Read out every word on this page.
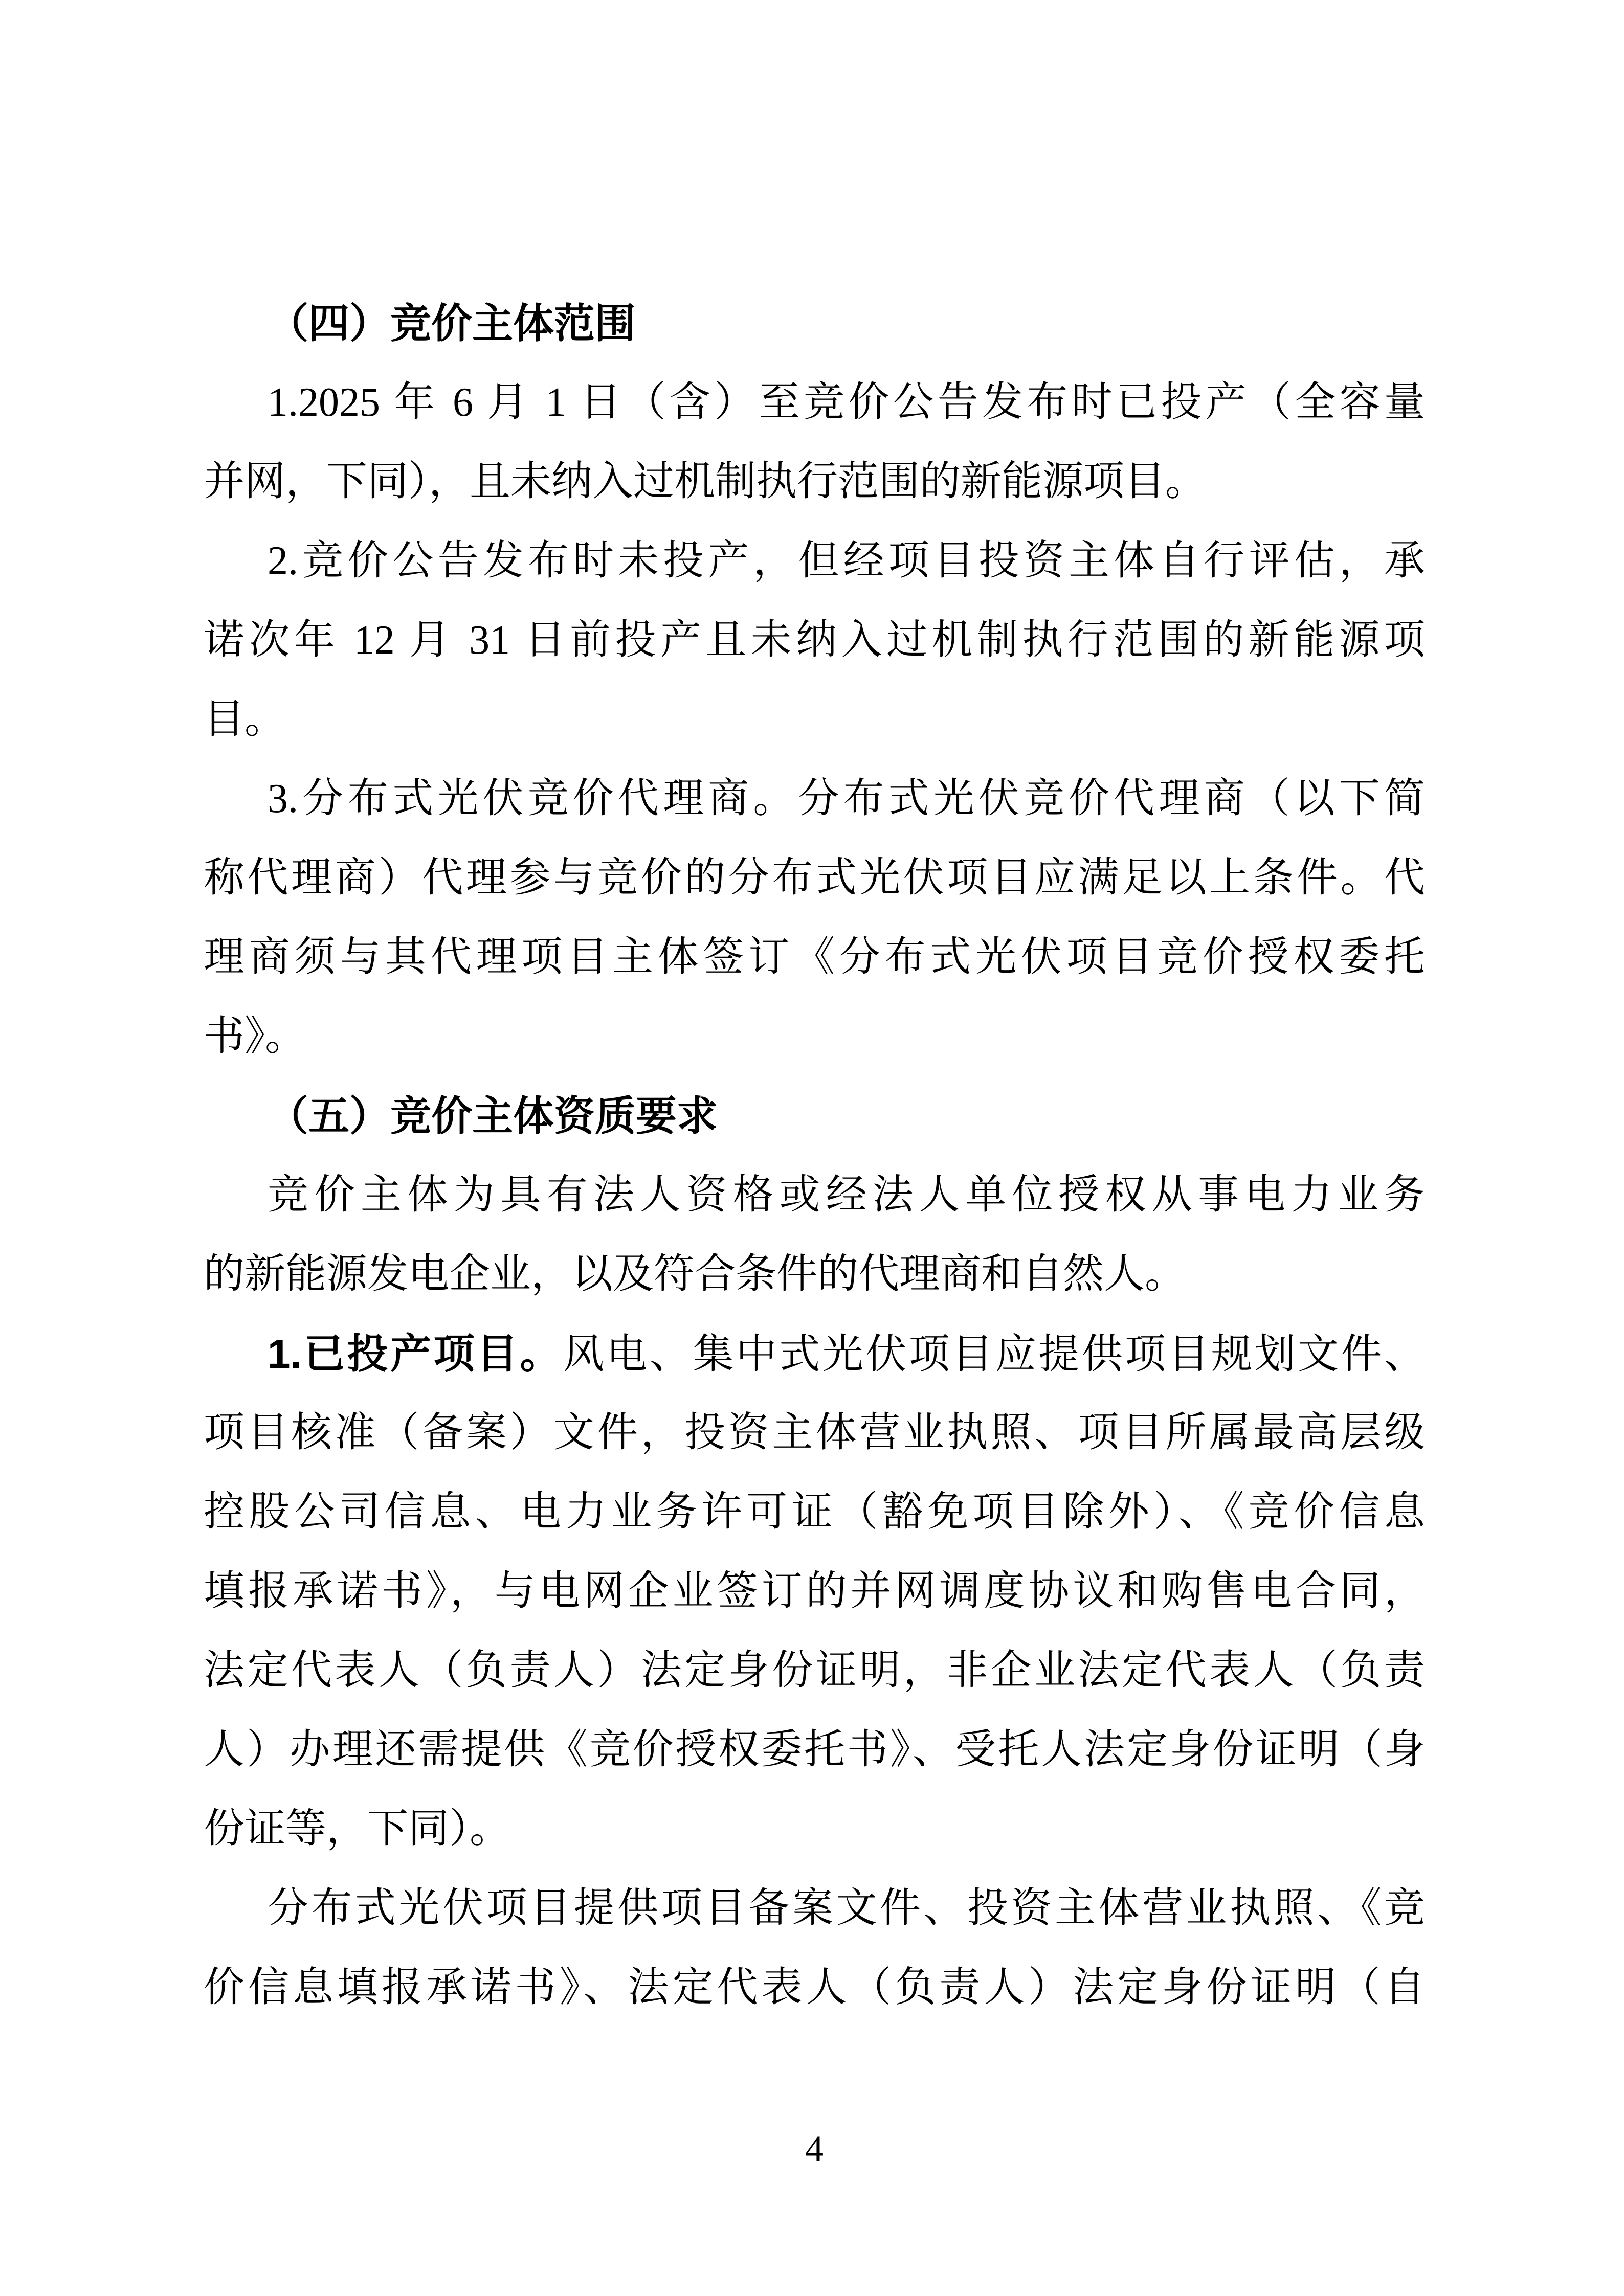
（四）竞价主体范围
1.2025 年 6 月 1 日（含）至竞价公告发布时已投产（全容量
并网，下同），且未纳入过机制执行范围的新能源项目。
2.竞价公告发布时未投产，但经项目投资主体自行评估，承
诺次年 12 月 31 日前投产且未纳入过机制执行范围的新能源项
目。
3.分布式光伏竞价代理商。分布式光伏竞价代理商（以下简
称代理商）代理参与竞价的分布式光伏项目应满足以上条件。代
理商须与其代理项目主体签订《分布式光伏项目竞价授权委托
书》。
（五）竞价主体资质要求
竞价主体为具有法人资格或经法人单位授权从事电力业务
的新能源发电企业，以及符合条件的代理商和自然人。
1.已投产项目。风电、集中式光伏项目应提供项目规划文件、
项目核准（备案）文件，投资主体营业执照、项目所属最高层级
控股公司信息、电力业务许可证（豁免项目除外）、《竞价信息
填报承诺书》，与电网企业签订的并网调度协议和购售电合同，
法定代表人（负责人）法定身份证明，非企业法定代表人（负责
人）办理还需提供《竞价授权委托书》、受托人法定身份证明（身
份证等，下同）。
分布式光伏项目提供项目备案文件、投资主体营业执照、《竞
价信息填报承诺书》、法定代表人（负责人）法定身份证明（自
4
